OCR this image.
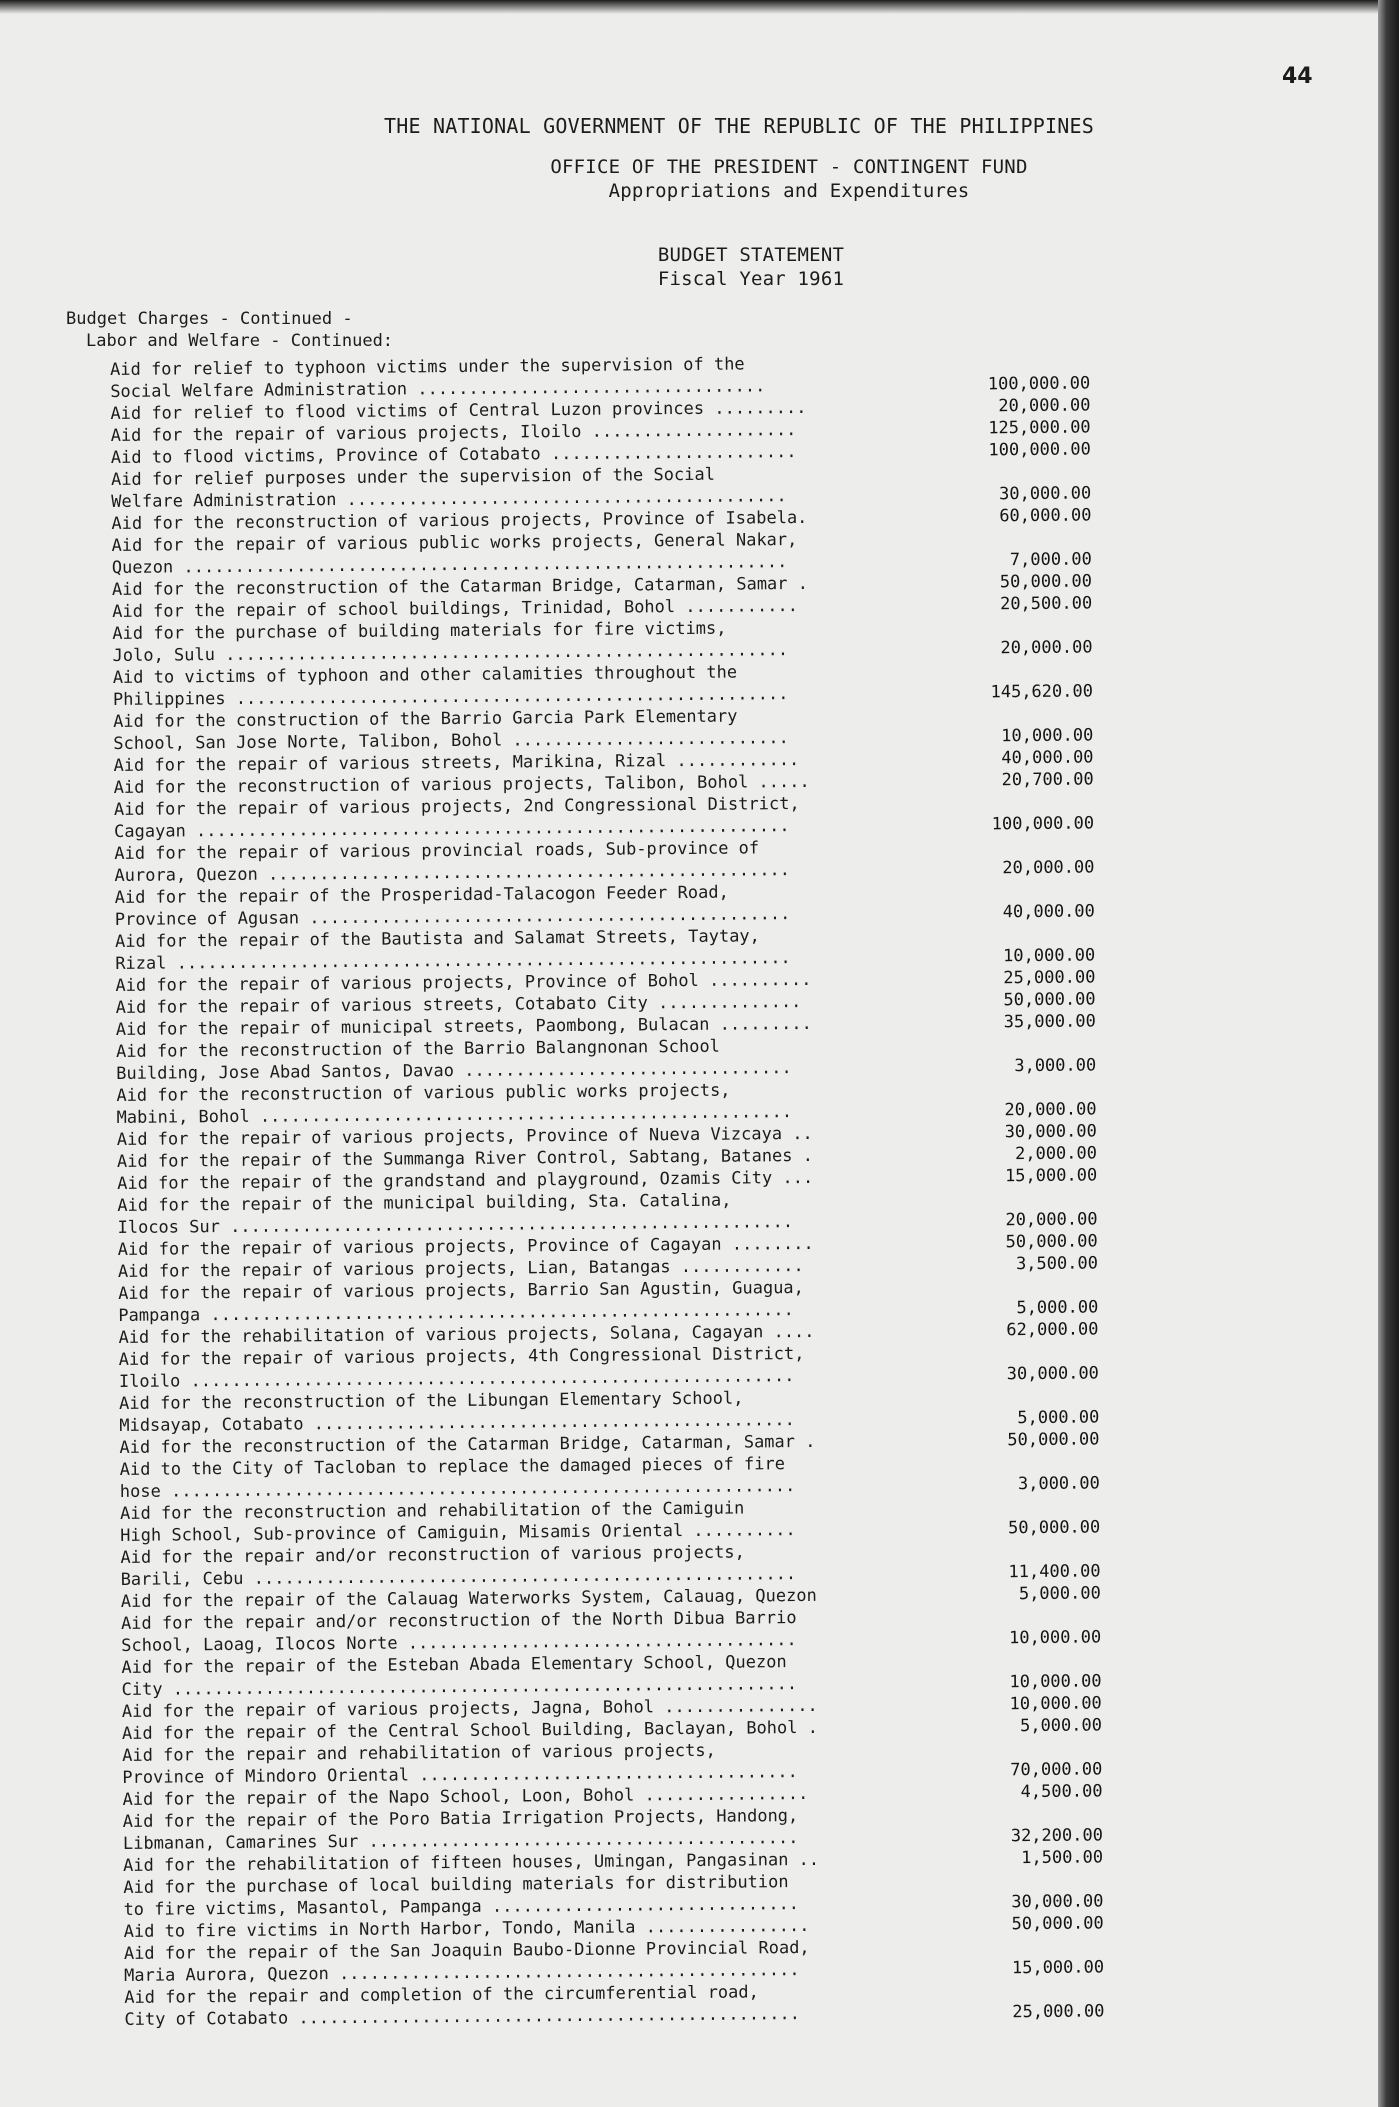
44
THE NATIONAL GOVERNMENT OF THE REPUBLIC OF THE PHILIPPINES
OFFICE OF THE PRESIDENT - CONTINGENT FUND
Appropriations and Expenditures
BUDGET STATEMENT
Fiscal Year 1961
Budget Charges - Continued -
Labor and Welfare - Continued:
Aid for relief to typhoon victims under the supervision of the
Social Welfare Administration ..................................	100,000.00
Aid for relief to flood victims of Central Luzon provinces .........	20,000.00
Aid for the repair of various projects, Iloilo ....................	125,000.00
Aid to flood victims, Province of Cotabato ........................	100,000.00
Aid for relief purposes under the supervision of the Social
Welfare Administration ...........................................	30,000.00
Aid for the reconstruction of various projects, Province of Isabela.	60,000.00
Aid for the repair of various public works projects, General Nakar,
Quezon ...........................................................	7,000.00
Aid for the reconstruction of the Catarman Bridge, Catarman, Samar .	50,000.00
Aid for the repair of school buildings, Trinidad, Bohol ...........	20,500.00
Aid for the purchase of building materials for fire victims,
Jolo, Sulu .......................................................	20,000.00
Aid to victims of typhoon and other calamities throughout the
Philippines ......................................................	145,620.00
Aid for the construction of the Barrio Garcia Park Elementary
School, San Jose Norte, Talibon, Bohol ...........................	10,000.00
Aid for the repair of various streets, Marikina, Rizal ............	40,000.00
Aid for the reconstruction of various projects, Talibon, Bohol .....	20,700.00
Aid for the repair of various projects, 2nd Congressional District,
Cagayan ..........................................................	100,000.00
Aid for the repair of various provincial roads, Sub-province of
Aurora, Quezon ...................................................	20,000.00
Aid for the repair of the Prosperidad-Talacogon Feeder Road,
Province of Agusan ...............................................	40,000.00
Aid for the repair of the Bautista and Salamat Streets, Taytay,
Rizal ............................................................	10,000.00
Aid for the repair of various projects, Province of Bohol ..........	25,000.00
Aid for the repair of various streets, Cotabato City ..............	50,000.00
Aid for the repair of municipal streets, Paombong, Bulacan .........	35,000.00
Aid for the reconstruction of the Barrio Balangnonan School
Building, Jose Abad Santos, Davao ................................	3,000.00
Aid for the reconstruction of various public works projects,
Mabini, Bohol ....................................................	20,000.00
Aid for the repair of various projects, Province of Nueva Vizcaya ..	30,000.00
Aid for the repair of the Summanga River Control, Sabtang, Batanes .	2,000.00
Aid for the repair of the grandstand and playground, Ozamis City ...	15,000.00
Aid for the repair of the municipal building, Sta. Catalina,
Ilocos Sur .......................................................	20,000.00
Aid for the repair of various projects, Province of Cagayan ........	50,000.00
Aid for the repair of various projects, Lian, Batangas ............	3,500.00
Aid for the repair of various projects, Barrio San Agustin, Guagua,
Pampanga .........................................................	5,000.00
Aid for the rehabilitation of various projects, Solana, Cagayan ....	62,000.00
Aid for the repair of various projects, 4th Congressional District,
Iloilo ...........................................................	30,000.00
Aid for the reconstruction of the Libungan Elementary School,
Midsayap, Cotabato ...............................................	5,000.00
Aid for the reconstruction of the Catarman Bridge, Catarman, Samar .	50,000.00
Aid to the City of Tacloban to replace the damaged pieces of fire
hose .............................................................	3,000.00
Aid for the reconstruction and rehabilitation of the Camiguin
High School, Sub-province of Camiguin, Misamis Oriental ..........	50,000.00
Aid for the repair and/or reconstruction of various projects,
Barili, Cebu .....................................................	11,400.00
Aid for the repair of the Calauag Waterworks System, Calauag, Quezon	5,000.00
Aid for the repair and/or reconstruction of the North Dibua Barrio
School, Laoag, Ilocos Norte ......................................	10,000.00
Aid for the repair of the Esteban Abada Elementary School, Quezon
City .............................................................	10,000.00
Aid for the repair of various projects, Jagna, Bohol ...............	10,000.00
Aid for the repair of the Central School Building, Baclayan, Bohol .	5,000.00
Aid for the repair and rehabilitation of various projects,
Province of Mindoro Oriental .....................................	70,000.00
Aid for the repair of the Napo School, Loon, Bohol ................	4,500.00
Aid for the repair of the Poro Batia Irrigation Projects, Handong,
Libmanan, Camarines Sur ..........................................	32,200.00
Aid for the rehabilitation of fifteen houses, Umingan, Pangasinan ..	1,500.00
Aid for the purchase of local building materials for distribution
to fire victims, Masantol, Pampanga ..............................	30,000.00
Aid to fire victims in North Harbor, Tondo, Manila ................	50,000.00
Aid for the repair of the San Joaquin Baubo-Dionne Provincial Road,
Maria Aurora, Quezon .............................................	15,000.00
Aid for the repair and completion of the circumferential road,
City of Cotabato .................................................	25,000.00
